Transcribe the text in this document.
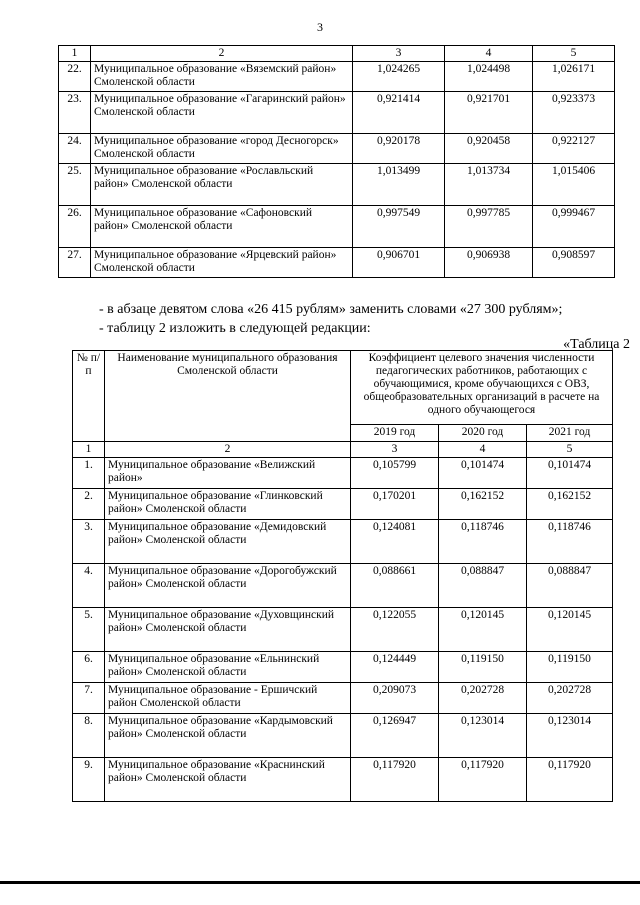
3
1	2	3	4	5
22.	Муниципальное образование «Вяземский район» Смоленской области	1,024265	1,024498	1,026171
23.	Муниципальное образование «Гагаринский район» Смоленской области	0,921414	0,921701	0,923373
24.	Муниципальное образование «город Десногорск» Смоленской области	0,920178	0,920458	0,922127
25.	Муниципальное образование «Рославльский район» Смоленской области	1,013499	1,013734	1,015406
26.	Муниципальное образование «Сафоновский район» Смоленской области	0,997549	0,997785	0,999467
27.	Муниципальное образование «Ярцевский район» Смоленской области	0,906701	0,906938	0,908597
- в абзаце девятом слова «26 415 рублям» заменить словами «27 300 рублям»;
- таблицу 2 изложить в следующей редакции:
«Таблица 2
№ п/п	Наименование муниципального образования Смоленской области	Коэффициент целевого значения численности педагогических работников, работающих с обучающимися, кроме обучающихся с ОВЗ, общеобразовательных организаций в расчете на одного обучающегося		
		2019 год	2020 год	2021 год
1	2	3	4	5
1.	Муниципальное образование «Велижский район»	0,105799	0,101474	0,101474
2.	Муниципальное образование «Глинковский район» Смоленской области	0,170201	0,162152	0,162152
3.	Муниципальное образование «Демидовский район» Смоленской области	0,124081	0,118746	0,118746
4.	Муниципальное образование «Дорогобужский район» Смоленской области	0,088661	0,088847	0,088847
5.	Муниципальное образование «Духовщинский район» Смоленской области	0,122055	0,120145	0,120145
6.	Муниципальное образование «Ельнинский район» Смоленской области	0,124449	0,119150	0,119150
7.	Муниципальное образование - Ершичский район Смоленской области	0,209073	0,202728	0,202728
8.	Муниципальное образование «Кардымовский район» Смоленской области	0,126947	0,123014	0,123014
9.	Муниципальное образование «Краснинский район» Смоленской области	0,117920	0,117920	0,117920
